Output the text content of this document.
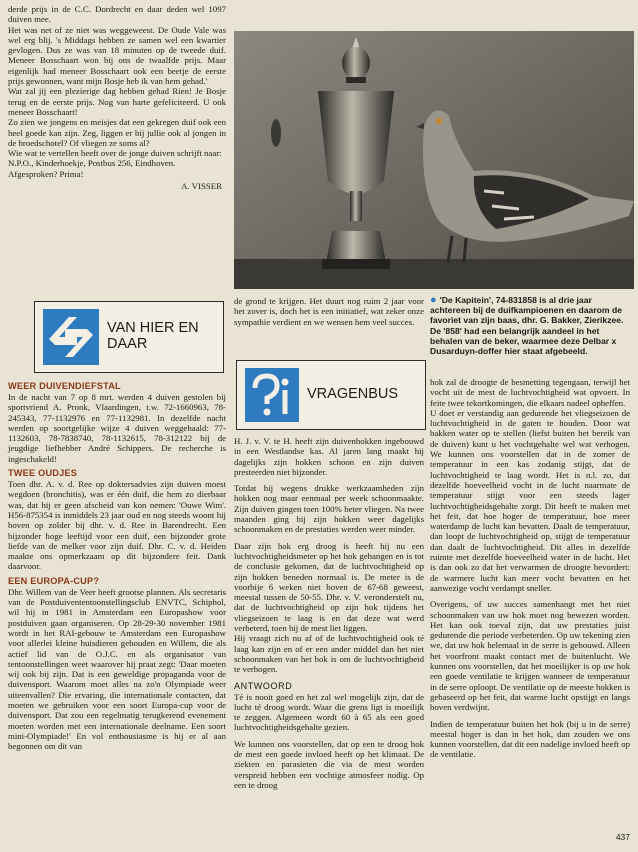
derde prijs in de C.C. Dordrecht en daar deden wel 1097 duiven mee.

Het was net of ze niet was weggeweest. De Oude Vale was wel erg blij. 's Middags hebben ze samen wel een kwartier gevlogen. Dus ze was van 18 minuten op de tweede duif. Meneer Bosschaart won bij ons de twaalfde prijs. Maar eigenlijk had meneer Bosschaart ook een beetje de eerste prijs gewonnen, want mijn Bosje heb ik van hem gehad.'

Wat zal jij een plezierige dag hebben gehad Rien! Je Bosje terug en de eerste prijs. Nog van harte gefeliciteerd. U ook meneer Bosschaart!

Zo zien we jongens en meisjes dat een gekregen duif ook een heel goede kan zijn. Zeg, liggen er bij jullie ook al jongen in de broedschotel? Of vliegen ze soms al?

Wie wat te vertellen heeft over de jonge duiven schrijft naar:

N.P.O., Kinderhoekje, Postbus 256, Eindhoven.

Afgesproken? Prima!

A. VISSER

VAN HIER EN
DAAR
WEER DUIVENDIEFSTAL

In de nacht van 7 op 8 mrt. werden 4 duiven gestolen bij sportvriend A. Pronk, Vlaardingen, t.w. 72-1660963, 78-245343, 77-1132976 en 77-1132981. In dezelfde nacht werden op soortgelijke wijze 4 duiven weggehaald: 77-1132603, 78-7838740, 78-1132615, 78-312122 bij de jeugdige liefhebber André Schippers. De recherche is ingeschakeld!

TWEE OUDJES

Toen dhr. A. v. d. Ree op doktersadvies zijn duiven moest wegdoen (bronchitis), was er één duif, die hem zo dierbaar was, dat hij er geen afscheid van kon nemen: 'Ouwe Wim'. H56-875354 is inmiddels 23 jaar oud en nog steeds woont hij boven op zolder bij dhr. v. d. Ree in Barendrecht. Een bijzonder hoge leeftijd voor een duif, een bijzonder grote liefde van de melker voor zijn duif. Dhr. C. v. d. Heiden maakte ons opmerkzaam op dit bijzondere feit. Dank daarvoor.

EEN EUROPA-CUP?

Dhr. Willem van de Veer heeft grootse plannen. Als secretaris van de Postduivententoonstellingsclub ENVTC, Schiphol, wil hij in 1981 in Amsterdam een Europashow voor postduiven gaan organiseren. Op 28-29-30 november 1981 wordt in het RAI-gebouw te Amsterdam een Europashow voor allerlei kleine huisdieren gehouden en Willem, die als actief lid van de O.J.C. en als organisator van tentoonstellingen weet waarover hij praat zegt: 'Daar moeten wij ook bij zijn. Dat is een geweldige propaganda voor de duivensport. Waarom moet alles na zo'n Olympiade weer uiteenvallen? Die ervaring, die internationale contacten, dat moeten we gebruiken voor een soort Europa-cup voor de duivensport. Dat zou een regelmatig terugkerend evenement moeten worden met een internationale deelname. Een soort mini-Olympiade!' En vol enthousiasme is hij er al aan begonnen om dit van

de grond te krijgen. Het duurt nog ruim 2 jaar voor het zover is, doch het is een initiatief, wat zeker onze sympathie verdient en we wensen hem veel succes.

● 'De Kapitein', 74-831858 is al drie jaar achtereen bij de duifkampioenen en daarom de favoriet van zijn baas, dhr. G. Bakker, Zierikzee. De '858' had een belangrijk aandeel in het behalen van de beker, waarmee deze Delbar x Dusarduyn-doffer hier staat afgebeeld.
VRAGENBUS

H. J. v. V. te H. heeft zijn duivenhokken ingebouwd in een Westlandse kas. Al jaren lang maakt hij dagelijks zijn hokken schoon en zijn duiven presteerden niet bijzonder.

Totdat hij wegens drukke werkzaamheden zijn hokken nog maar eenmaal per week schoonmaakte. Zijn duiven gingen toen 100% beter vliegen. Na twee maanden ging hij zijn hokken weer dagelijks schoonmaken en de prestaties werden weer minder.

Daar zijn hok erg droog is heeft hij nu een luchtvochtigheidsmeter op het hok gehangen en is tot de conclusie gekomen, dat de luchtvochtigheid op zijn hokken beneden normaal is. De meter is de voorbije 6 weken niet boven de 67-68 geweest, meestal tussen de 50-55. Dhr. v. V. veronderstelt nu, dat de luchtvochtigheid op zijn hok tijdens het vliegseizoen te laag is en dat deze wat werd verbeterd, toen hij de mest liet liggen.

Hij vraagt zich nu af of de luchtvochtigheid ook té laag kan zijn en of er een ander middel dan het niet schoonmaken van het hok is om de luchtvochtigheid te verhogen.

ANTWOORD

Té is nooit goed en het zal wel mogelijk zijn, dat de lucht té droog wordt. Waar die grens ligt is moeilijk te zeggen. Algemeen wordt 60 à 65 als een goed luchtvochtigheidsgehalte gezien.

We kunnen ons voorstellen, dat op een te droog hok de mest een goede invloed heeft op het klimaat. De ziekten en parasieten die via de mest worden verspreid hebben een vochtige atmosfeer nodig. Op een te droog

hok zal de droogte de besmetting tegengaan, terwijl het vocht uit de mest de luchtvochtigheid wat opvoert. In feite twee tekortkomingen, die elkaars nadeel opheffen.

U doet er verstandig aan gedurende het vliegseizoen de luchtvochtigheid in de gaten te houden. Door wat bakken water op te stellen (liefst buiten het bereik van de duiven) kunt u het vochtgehalte wel wat verhogen. We kunnen ons voorstellen dat in de zomer de temperatuur in een kas zodanig stijgt, dat de luchtvochtigheid te laag wordt. Het is n.l. zo, dat dezelfde hoeveelheid vocht in de lucht naarmate de temperatuur stijgt voor een steeds lager luchtvochtigheidsgehalte zorgt. Dit heeft te maken met het feit, dat hoe hoger de temperatuur, hoe meer waterdamp de lucht kan bevatten. Daalt de temperatuur, dan loopt de luchtvochtigheid op, stijgt de temperatuur dan daalt de luchtvochtigheid. Dit alles in dezelfde ruimte met dezelfde hoeveelheid water in de lucht. Het is dan ook zo dat het verwarmen de droogte bevordert: de warmere lucht kan meer vocht bevatten en het aanwezige vocht verdampt sneller.

Overigens, of uw succes samenhangt met het niet schoonmaken van uw hok moet nog bewezen worden. Het kan ook toeval zijn, dat uw prestaties juist gedurende die periode verbeterden. Op uw tekening zien we, dat uw hok helemaal in de serre is gebouwd. Alleen het voorfront maakt contact met de buitenlucht. We kunnen ons voorstellen, dat het moeilijker is op uw hok een goede ventilatie te krijgen wanneer de temperatuur in de serre oploopt. De ventilatie op de meeste hokken is gebaseerd op het feit, dat warme lucht opstijgt en langs boven verdwijnt.

Indien de temperatuur buiten het hok (bij u in de serre) meestal hoger is dan in het hok, dan zouden we ons kunnen voorstellen, dat dit een nadelige invloed heeft op de ventilatie.

437
